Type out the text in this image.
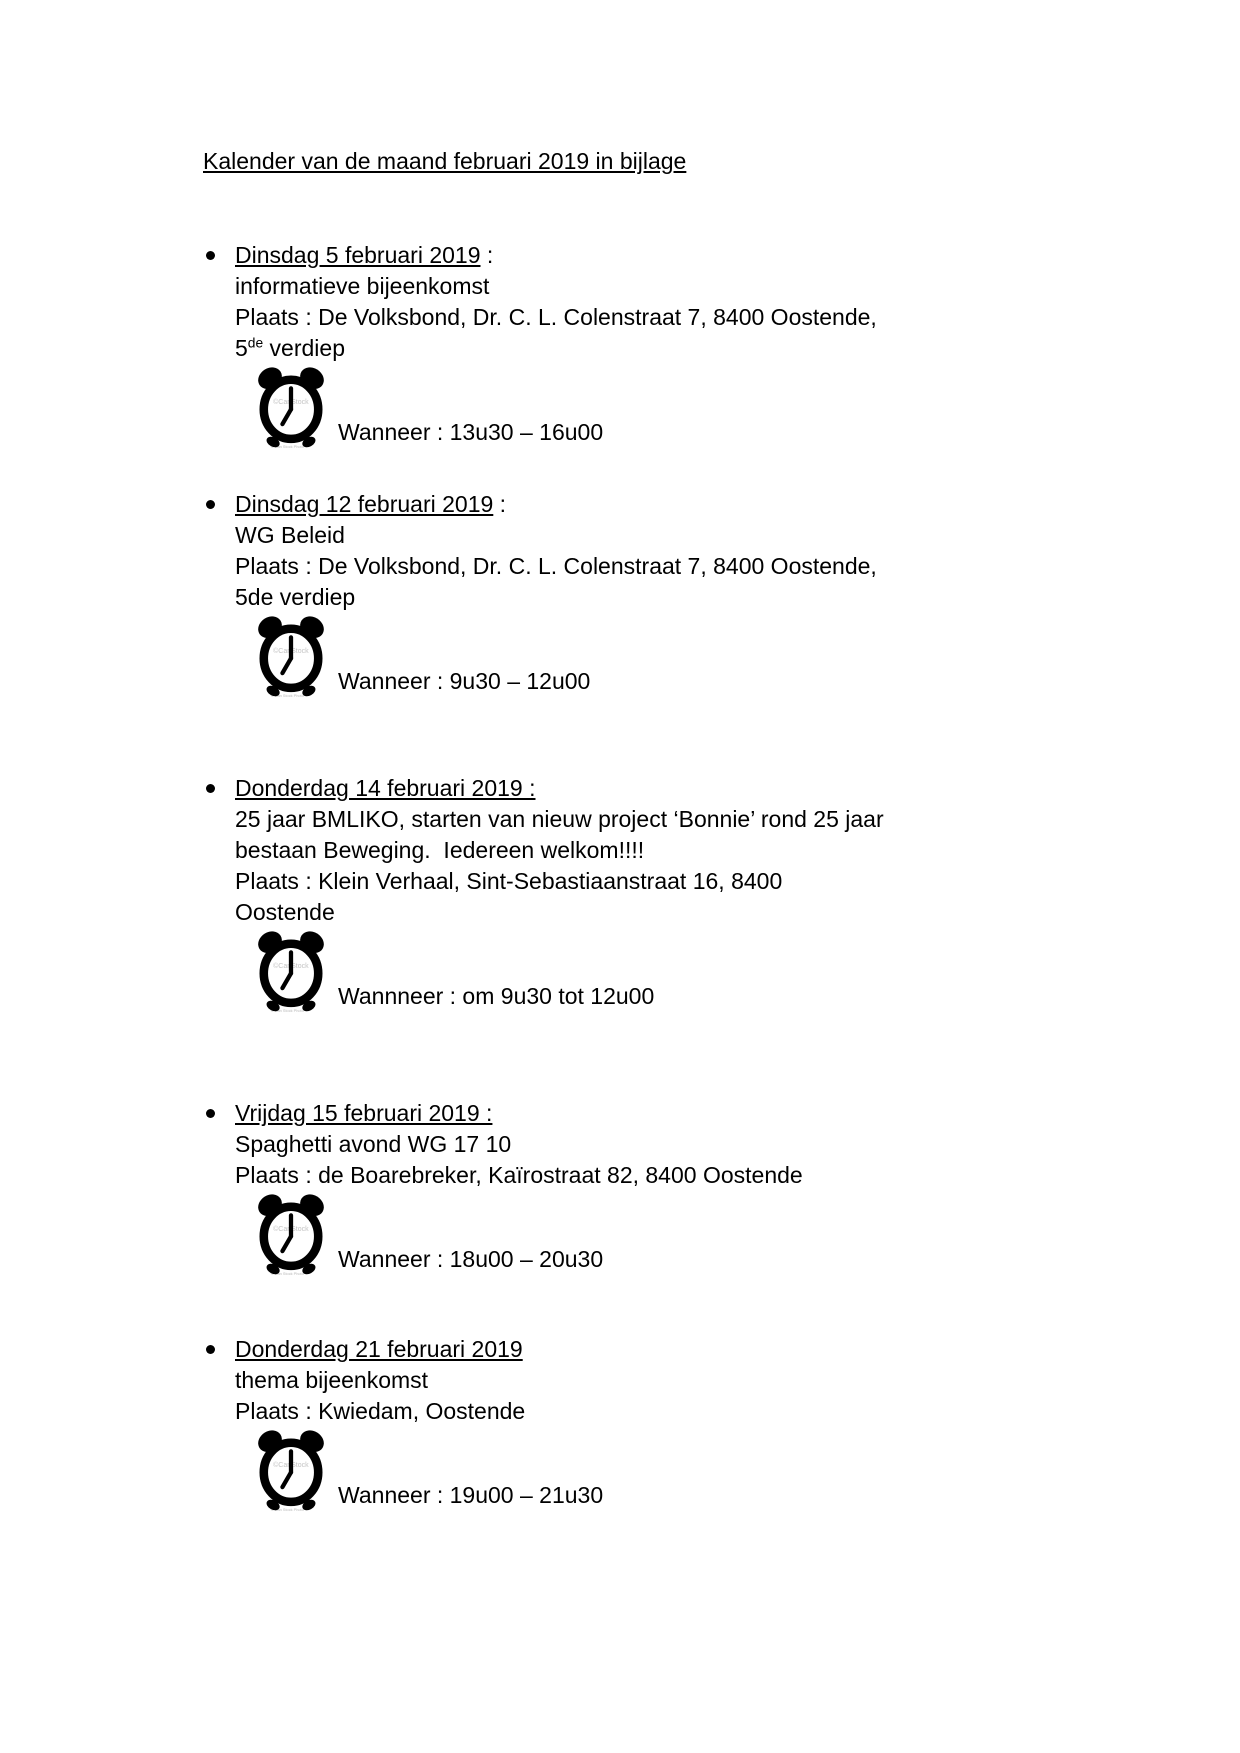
Kalender van de maand februari 2019 in bijlage
Dinsdag 5 februari 2019 :
informatieve bijeenkomst
Plaats : De Volksbond, Dr. C. L. Colenstraat 7, 8400 Oostende,
5de verdiep
©CanStock
© Can Stock Photo
Wanneer : 13u30 – 16u00
Dinsdag 12 februari 2019 :
WG Beleid
Plaats : De Volksbond, Dr. C. L. Colenstraat 7, 8400 Oostende,
5de verdiep
©CanStock
© Can Stock Photo
Wanneer : 9u30 – 12u00
Donderdag 14 februari 2019 :
25 jaar BMLIKO, starten van nieuw project ‘Bonnie’ rond 25 jaar
bestaan Beweging.  Iedereen welkom!!!!
Plaats : Klein Verhaal, Sint-Sebastiaanstraat 16, 8400
Oostende
©CanStock
© Can Stock Photo
Wannneer : om 9u30 tot 12u00
Vrijdag 15 februari 2019 :
Spaghetti avond WG 17 10
Plaats : de Boarebreker, Kaïrostraat 82, 8400 Oostende
©CanStock
© Can Stock Photo
Wanneer : 18u00 – 20u30
Donderdag 21 februari 2019
thema bijeenkomst
Plaats : Kwiedam, Oostende
©CanStock
© Can Stock Photo
Wanneer : 19u00 – 21u30
